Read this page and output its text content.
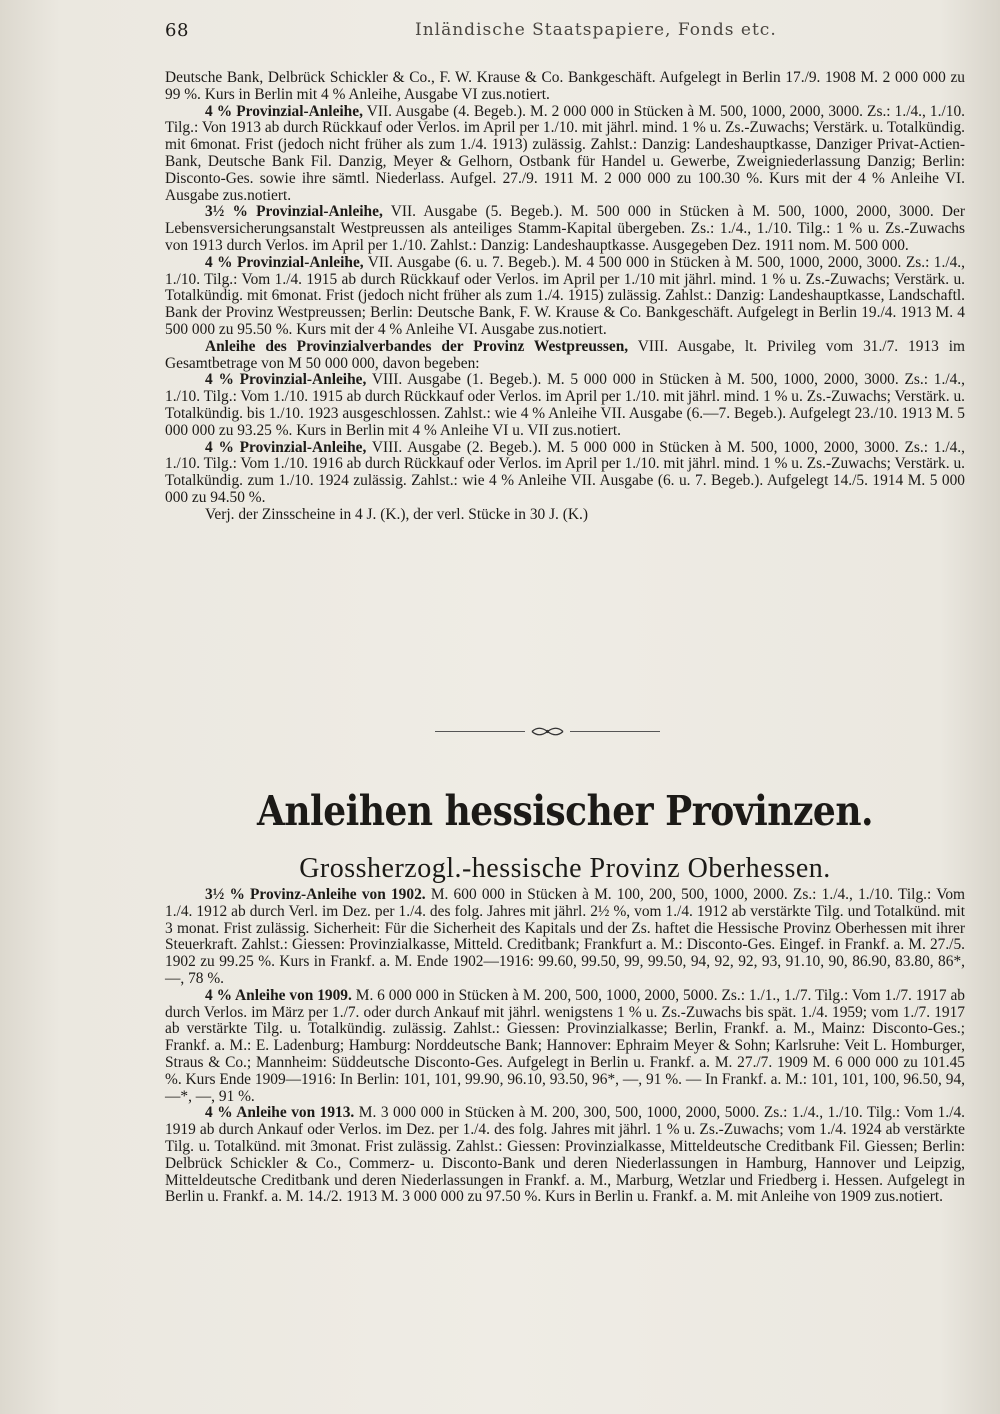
68	Inländische Staatspapiere, Fonds etc.

Deutsche Bank, Delbrück Schickler & Co., F. W. Krause & Co. Bankgeschäft. Aufgelegt in Berlin 17./9. 1908 M. 2 000 000 zu 99 %. Kurs in Berlin mit 4 % Anleihe, Ausgabe VI zus.notiert.

4 % Provinzial-Anleihe, VII. Ausgabe (4. Begeb.). M. 2 000 000 in Stücken à M. 500, 1000, 2000, 3000. Zs.: 1./4., 1./10. Tilg.: Von 1913 ab durch Rückkauf oder Verlos. im April per 1./10. mit jährl. mind. 1 % u. Zs.-Zuwachs; Verstärk. u. Totalkündig. mit 6monat. Frist (jedoch nicht früher als zum 1./4. 1913) zulässig. Zahlst.: Danzig: Landeshauptkasse, Danziger Privat-Actien-Bank, Deutsche Bank Fil. Danzig, Meyer & Gelhorn, Ostbank für Handel u. Gewerbe, Zweigniederlassung Danzig; Berlin: Disconto-Ges. sowie ihre sämtl. Niederlass. Aufgel. 27./9. 1911 M. 2 000 000 zu 100.30 %. Kurs mit der 4 % Anleihe VI. Ausgabe zus.notiert.

3½ % Provinzial-Anleihe, VII. Ausgabe (5. Begeb.). M. 500 000 in Stücken à M. 500, 1000, 2000, 3000. Der Lebensversicherungsanstalt Westpreussen als anteiliges Stamm-Kapital übergeben. Zs.: 1./4., 1./10. Tilg.: 1 % u. Zs.-Zuwachs von 1913 durch Verlos. im April per 1./10. Zahlst.: Danzig: Landeshauptkasse. Ausgegeben Dez. 1911 nom. M. 500 000.

4 % Provinzial-Anleihe, VII. Ausgabe (6. u. 7. Begeb.). M. 4 500 000 in Stücken à M. 500, 1000, 2000, 3000. Zs.: 1./4., 1./10. Tilg.: Vom 1./4. 1915 ab durch Rückkauf oder Verlos. im April per 1./10 mit jährl. mind. 1 % u. Zs.-Zuwachs; Verstärk. u. Totalkündig. mit 6monat. Frist (jedoch nicht früher als zum 1./4. 1915) zulässig. Zahlst.: Danzig: Landeshauptkasse, Landschaftl. Bank der Provinz Westpreussen; Berlin: Deutsche Bank, F. W. Krause & Co. Bankgeschäft. Aufgelegt in Berlin 19./4. 1913 M. 4 500 000 zu 95.50 %. Kurs mit der 4 % Anleihe VI. Ausgabe zus.notiert.

Anleihe des Provinzialverbandes der Provinz Westpreussen, VIII. Ausgabe, lt. Privileg vom 31./7. 1913 im Gesamtbetrage von M 50 000 000, davon begeben:

4 % Provinzial-Anleihe, VIII. Ausgabe (1. Begeb.). M. 5 000 000 in Stücken à M. 500, 1000, 2000, 3000. Zs.: 1./4., 1./10. Tilg.: Vom 1./10. 1915 ab durch Rückkauf oder Verlos. im April per 1./10. mit jährl. mind. 1 % u. Zs.-Zuwachs; Verstärk. u. Totalkündig. bis 1./10. 1923 ausgeschlossen. Zahlst.: wie 4 % Anleihe VII. Ausgabe (6.—7. Begeb.). Aufgelegt 23./10. 1913 M. 5 000 000 zu 93.25 %. Kurs in Berlin mit 4 % Anleihe VI u. VII zus.notiert.

4 % Provinzial-Anleihe, VIII. Ausgabe (2. Begeb.). M. 5 000 000 in Stücken à M. 500, 1000, 2000, 3000. Zs.: 1./4., 1./10. Tilg.: Vom 1./10. 1916 ab durch Rückkauf oder Verlos. im April per 1./10. mit jährl. mind. 1 % u. Zs.-Zuwachs; Verstärk. u. Totalkündig. zum 1./10. 1924 zulässig. Zahlst.: wie 4 % Anleihe VII. Ausgabe (6. u. 7. Begeb.). Aufgelegt 14./5. 1914 M. 5 000 000 zu 94.50 %.

Verj. der Zinsscheine in 4 J. (K.), der verl. Stücke in 30 J. (K.)

Anleihen hessischer Provinzen.
Grossherzogl.-hessische Provinz Oberhessen.

3½ % Provinz-Anleihe von 1902. M. 600 000 in Stücken à M. 100, 200, 500, 1000, 2000. Zs.: 1./4., 1./10. Tilg.: Vom 1./4. 1912 ab durch Verl. im Dez. per 1./4. des folg. Jahres mit jährl. 2½ %, vom 1./4. 1912 ab verstärkte Tilg. und Totalkünd. mit 3 monat. Frist zulässig. Sicherheit: Für die Sicherheit des Kapitals und der Zs. haftet die Hessische Provinz Oberhessen mit ihrer Steuerkraft. Zahlst.: Giessen: Provinzialkasse, Mitteld. Creditbank; Frankfurt a. M.: Disconto-Ges. Eingef. in Frankf. a. M. 27./5. 1902 zu 99.25 %. Kurs in Frankf. a. M. Ende 1902—1916: 99.60, 99.50, 99, 99.50, 94, 92, 92, 93, 91.10, 90, 86.90, 83.80, 86*, —, 78 %.

4 % Anleihe von 1909. M. 6 000 000 in Stücken à M. 200, 500, 1000, 2000, 5000. Zs.: 1./1., 1./7. Tilg.: Vom 1./7. 1917 ab durch Verlos. im März per 1./7. oder durch Ankauf mit jährl. wenigstens 1 % u. Zs.-Zuwachs bis spät. 1./4. 1959; vom 1./7. 1917 ab verstärkte Tilg. u. Totalkündig. zulässig. Zahlst.: Giessen: Provinzialkasse; Berlin, Frankf. a. M., Mainz: Disconto-Ges.; Frankf. a. M.: E. Ladenburg; Hamburg: Norddeutsche Bank; Hannover: Ephraim Meyer & Sohn; Karlsruhe: Veit L. Homburger, Straus & Co.; Mannheim: Süddeutsche Disconto-Ges. Aufgelegt in Berlin u. Frankf. a. M. 27./7. 1909 M. 6 000 000 zu 101.45 %. Kurs Ende 1909—1916: In Berlin: 101, 101, 99.90, 96.10, 93.50, 96*, —, 91 %. — In Frankf. a. M.: 101, 101, 100, 96.50, 94, —*, —, 91 %.

4 % Anleihe von 1913. M. 3 000 000 in Stücken à M. 200, 300, 500, 1000, 2000, 5000. Zs.: 1./4., 1./10. Tilg.: Vom 1./4. 1919 ab durch Ankauf oder Verlos. im Dez. per 1./4. des folg. Jahres mit jährl. 1 % u. Zs.-Zuwachs; vom 1./4. 1924 ab verstärkte Tilg. u. Totalkünd. mit 3monat. Frist zulässig. Zahlst.: Giessen: Provinzialkasse, Mitteldeutsche Creditbank Fil. Giessen; Berlin: Delbrück Schickler & Co., Commerz- u. Disconto-Bank und deren Niederlassungen in Hamburg, Hannover und Leipzig, Mitteldeutsche Creditbank und deren Niederlassungen in Frankf. a. M., Marburg, Wetzlar und Friedberg i. Hessen. Aufgelegt in Berlin u. Frankf. a. M. 14./2. 1913 M. 3 000 000 zu 97.50 %. Kurs in Berlin u. Frankf. a. M. mit Anleihe von 1909 zus.notiert.
